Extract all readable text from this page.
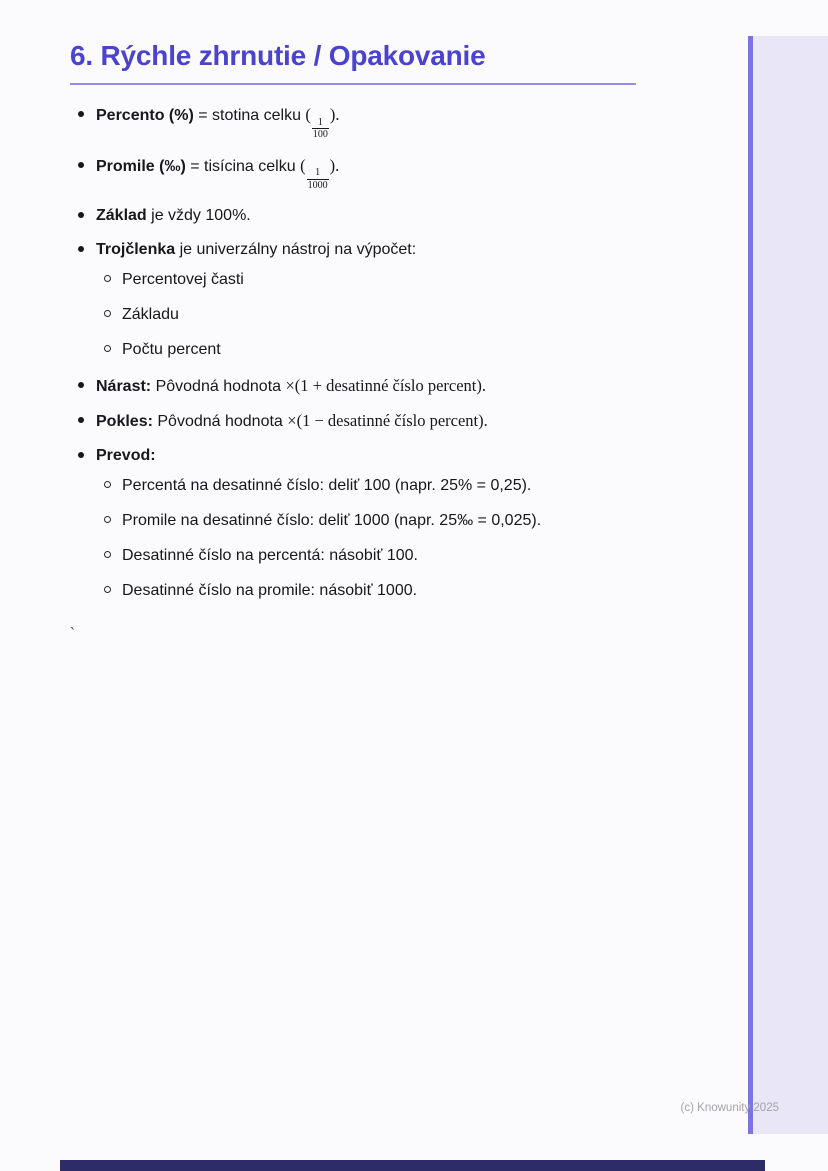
6. Rýchle zhrnutie / Opakovanie
Percento (%) = stotina celku (
$\frac{1}{100}$
).
Promile (‰) = tisícina celku (
$\frac{1}{1000}$
).
Základ je vždy 100%.
Trojčlenka je univerzálny nástroj na výpočet:
Percentovej časti
Základu
Počtu percent
Nárast: Pôvodná hodnota ×(1 + desatinné číslo percent).
Pokles: Pôvodná hodnota ×(1 − desatinné číslo percent).
Prevod:
Percentá na desatinné číslo: deliť 100 (napr. 25% = 0,25).
Promile na desatinné číslo: deliť 1000 (napr. 25‰ = 0,025).
Desatinné číslo na percentá: násobiť 100.
Desatinné číslo na promile: násobiť 1000.
`
(c) Knowunity 2025
